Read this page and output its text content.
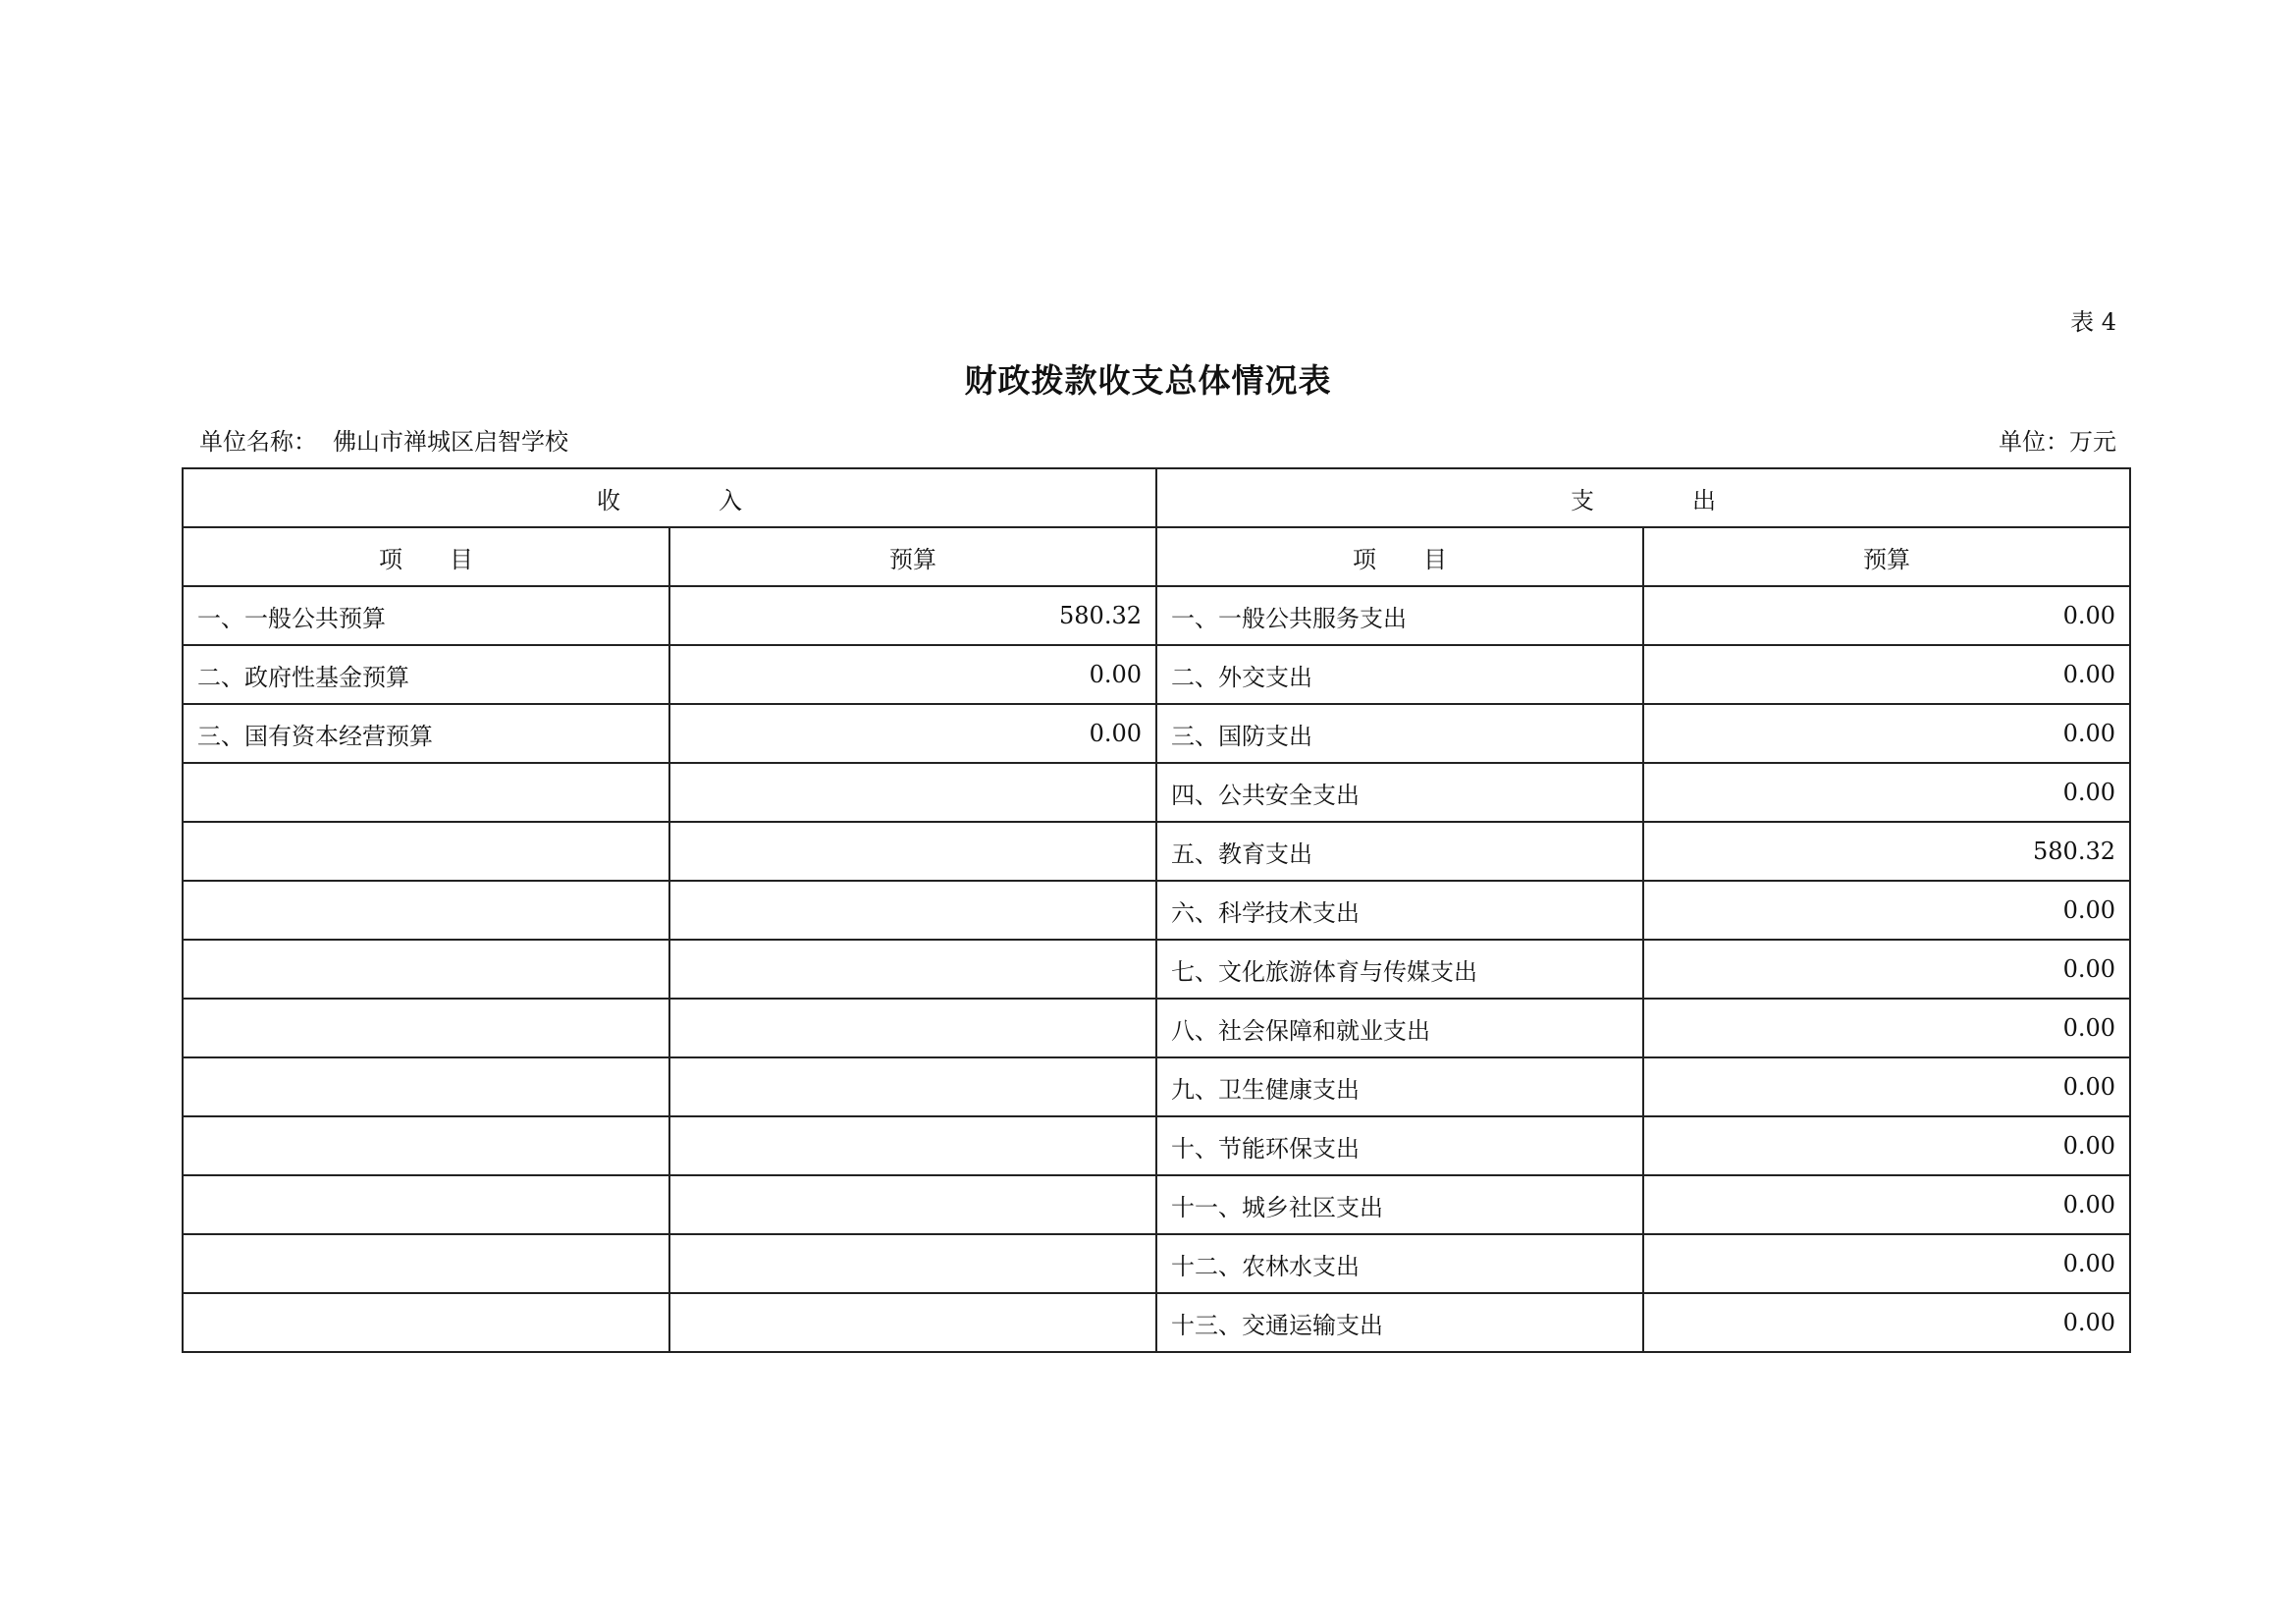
表 4
财政拨款收支总体情况表
单位名称： 佛山市禅城区启智学校	单位：万元
收入		支出	
项目	预算	项目	预算
一、一般公共预算	580.32	一、一般公共服务支出	0.00
二、政府性基金预算	0.00	二、外交支出	0.00
三、国有资本经营预算	0.00	三、国防支出	0.00
		四、公共安全支出	0.00
		五、教育支出	580.32
		六、科学技术支出	0.00
		七、文化旅游体育与传媒支出	0.00
		八、社会保障和就业支出	0.00
		九、卫生健康支出	0.00
		十、节能环保支出	0.00
		十一、城乡社区支出	0.00
		十二、农林水支出	0.00
		十三、交通运输支出	0.00
